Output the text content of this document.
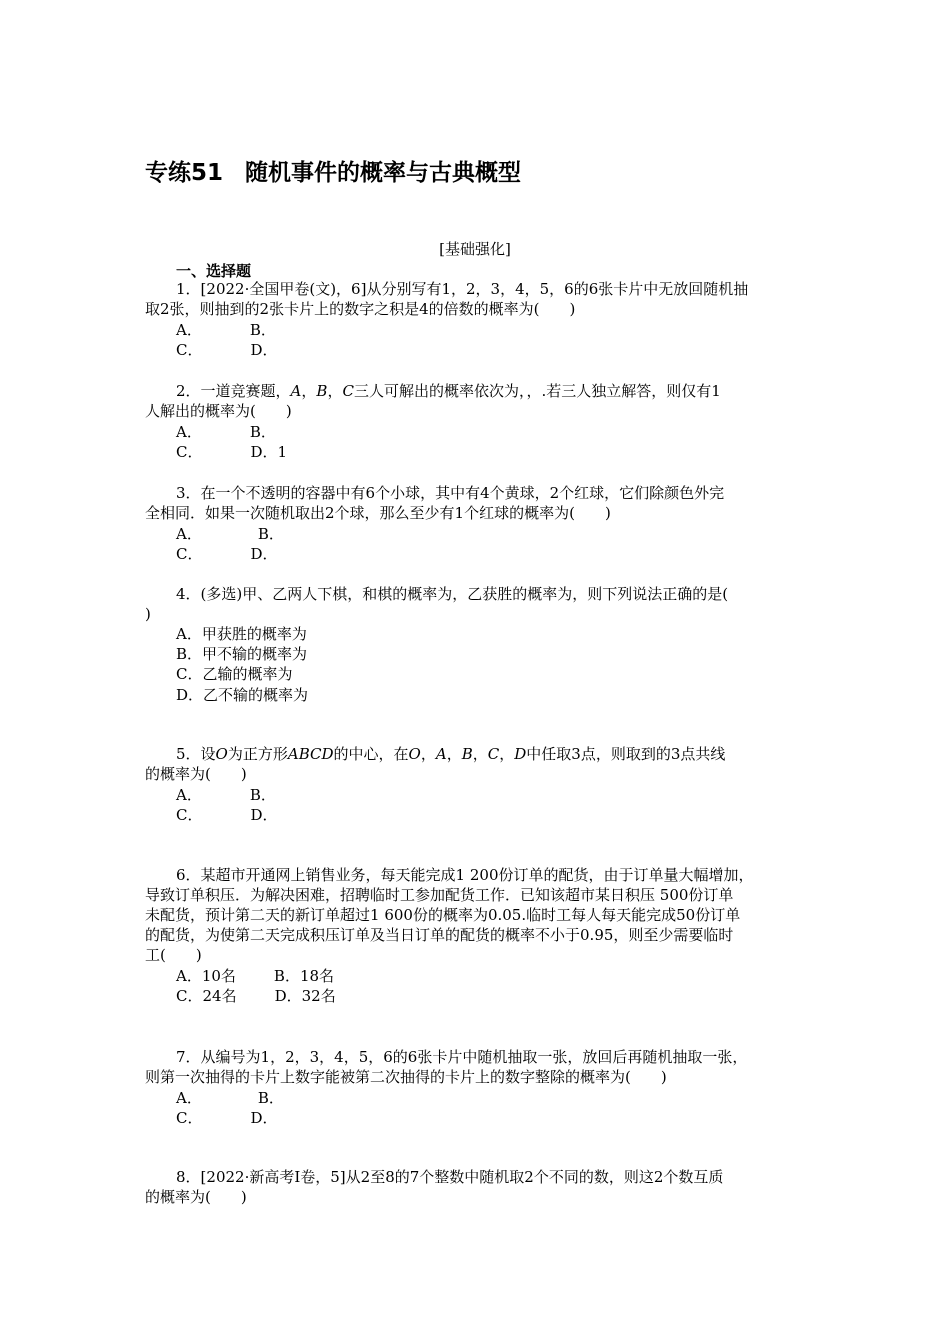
专练51 随机事件的概率与古典概型
[基础强化]
一、选择题
1．[2022·全国甲卷(文)，6]从分别写有1，2，3，4，5，6的6张卡片中无放回随机抽
取2张，则抽到的2张卡片上的数字之积是4的倍数的概率为(　　)
A．	B．
C．	D．
2．一道竞赛题，A，B，C三人可解出的概率依次为，，.若三人独立解答，则仅有1
人解出的概率为(　　)
A．	B．
C．	D．1
3．在一个不透明的容器中有6个小球，其中有4个黄球，2个红球，它们除颜色外完
全相同．如果一次随机取出2个球，那么至少有1个红球的概率为(　　)
A．	B．
C．	D．
4．(多选)甲、乙两人下棋，和棋的概率为，乙获胜的概率为，则下列说法正确的是(
)
A．甲获胜的概率为
B．甲不输的概率为
C．乙输的概率为
D．乙不输的概率为
5．设O为正方形ABCD的中心，在O，A，B，C，D中任取3点，则取到的3点共线
的概率为(　　)
A．	B．
C．	D．
6．某超市开通网上销售业务，每天能完成1 200份订单的配货，由于订单量大幅增加，
导致订单积压．为解决困难，招聘临时工参加配货工作．已知该超市某日积压 500份订单
未配货，预计第二天的新订单超过1 600份的概率为0.05.临时工每人每天能完成50份订单
的配货，为使第二天完成积压订单及当日订单的配货的概率不小于0.95，则至少需要临时
工(　　)
A．10名	B．18名
C．24名	D．32名
7．从编号为1，2，3，4，5，6的6张卡片中随机抽取一张，放回后再随机抽取一张，
则第一次抽得的卡片上数字能被第二次抽得的卡片上的数字整除的概率为(　　)
A．	B．
C．	D．
8．[2022·新高考Ⅰ卷，5]从2至8的7个整数中随机取2个不同的数，则这2个数互质
的概率为(　　)
